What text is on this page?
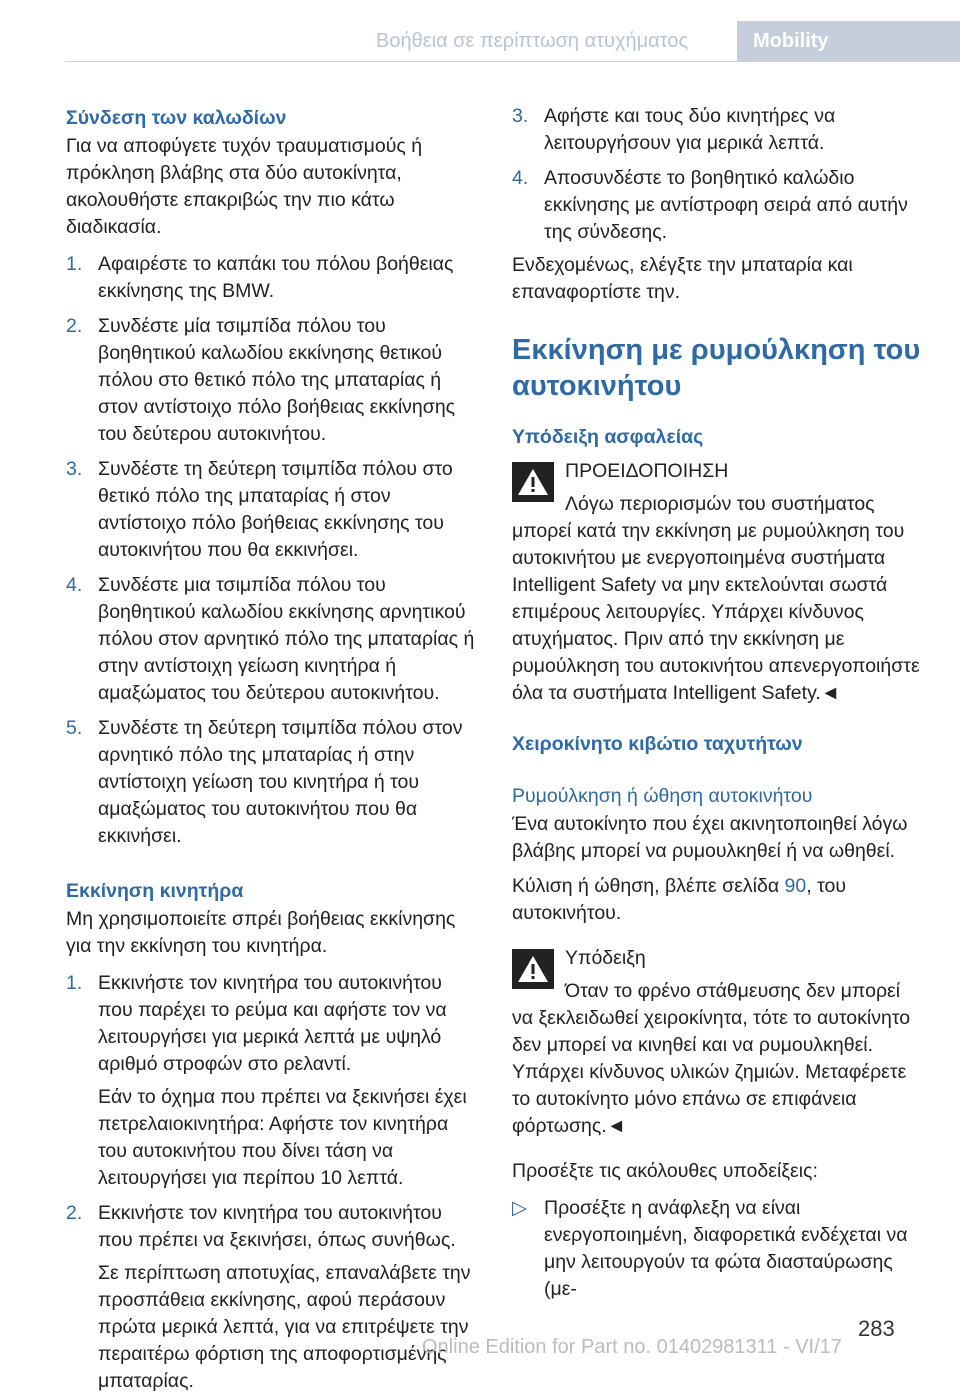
Βοήθεια σε περίπτωση ατυχήματος	Mobility
Σύνδεση των καλωδίων

Για να αποφύγετε τυχόν τραυματισμούς ή πρόκληση βλάβης στα δύο αυτοκίνητα, ακολουθήστε επακριβώς την πιο κάτω διαδικασία.

1. Αφαιρέστε το καπάκι του πόλου βοήθειας εκκίνησης της BMW.
2. Συνδέστε μία τσιμπίδα πόλου του βοηθητικού καλωδίου εκκίνησης θετικού πόλου στο θετικό πόλο της μπαταρίας ή στον αντίστοιχο πόλο βοήθειας εκκίνησης του δεύτερου αυτοκινήτου.
3. Συνδέστε τη δεύτερη τσιμπίδα πόλου στο θετικό πόλο της μπαταρίας ή στον αντίστοιχο πόλο βοήθειας εκκίνησης του αυτοκινήτου που θα εκκινήσει.
4. Συνδέστε μια τσιμπίδα πόλου του βοηθητικού καλωδίου εκκίνησης αρνητικού πόλου στον αρνητικό πόλο της μπαταρίας ή στην αντίστοιχη γείωση κινητήρα ή αμαξώματος του δεύτερου αυτοκινήτου.
5. Συνδέστε τη δεύτερη τσιμπίδα πόλου στον αρνητικό πόλο της μπαταρίας ή στην αντίστοιχη γείωση του κινητήρα ή του αμαξώματος του αυτοκινήτου που θα εκκινήσει.
Εκκίνηση κινητήρα

Μη χρησιμοποιείτε σπρέι βοήθειας εκκίνησης για την εκκίνηση του κινητήρα.

1. Εκκινήστε τον κινητήρα του αυτοκινήτου που παρέχει το ρεύμα και αφήστε τον να λειτουργήσει για μερικά λεπτά με υψηλό αριθμό στροφών στο ρελαντί.
Εάν το όχημα που πρέπει να ξεκινήσει έχει πετρελαιοκινητήρα: Αφήστε τον κινητήρα του αυτοκινήτου που δίνει τάση να λειτουργήσει για περίπου 10 λεπτά.
2. Εκκινήστε τον κινητήρα του αυτοκινήτου που πρέπει να ξεκινήσει, όπως συνήθως.
Σε περίπτωση αποτυχίας, επαναλάβετε την προσπάθεια εκκίνησης, αφού περάσουν πρώτα μερικά λεπτά, για να επιτρέψετε την περαιτέρω φόρτιση της αποφορτισμένης μπαταρίας.
3. Αφήστε και τους δύο κινητήρες να λειτουργήσουν για μερικά λεπτά.
4. Αποσυνδέστε το βοηθητικό καλώδιο εκκίνησης με αντίστροφη σειρά από αυτήν της σύνδεσης.

Ενδεχομένως, ελέγξτε την μπαταρία και επαναφορτίστε την.

Εκκίνηση με ρυμούλκηση του αυτοκινήτου
Υπόδειξη ασφαλείας

ΠΡΟΕΙΔΟΠΟΙΗΣΗ

Λόγω περιορισμών του συστήματος μπορεί κατά την εκκίνηση με ρυμούλκηση του αυτοκινήτου με ενεργοποιημένα συστήματα Intelligent Safety να μην εκτελούνται σωστά επιμέρους λειτουργίες. Υπάρχει κίνδυνος ατυχήματος. Πριν από την εκκίνηση με ρυμούλκηση του αυτοκινήτου απενεργοποιήστε όλα τα συστήματα Intelligent Safety.◄

Χειροκίνητο κιβώτιο ταχυτήτων
Ρυμούλκηση ή ώθηση αυτοκινήτου

Ένα αυτοκίνητο που έχει ακινητοποιηθεί λόγω βλάβης μπορεί να ρυμουλκηθεί ή να ωθηθεί.

Κύλιση ή ώθηση, βλέπε σελίδα 90, του αυτοκινήτου.

Υπόδειξη

Όταν το φρένο στάθμευσης δεν μπορεί να ξεκλειδωθεί χειροκίνητα, τότε το αυτοκίνητο δεν μπορεί να κινηθεί και να ρυμουλκηθεί. Υπάρχει κίνδυνος υλικών ζημιών. Μεταφέρετε το αυτοκίνητο μόνο επάνω σε επιφάνεια φόρτωσης.◄

Προσέξτε τις ακόλουθες υποδείξεις:

▷ Προσέξτε η ανάφλεξη να είναι ενεργοποιημένη, διαφορετικά ενδέχεται να μην λειτουργούν τα φώτα διασταύρωσης (με-
283
Online Edition for Part no. 01402981311 - VI/17
